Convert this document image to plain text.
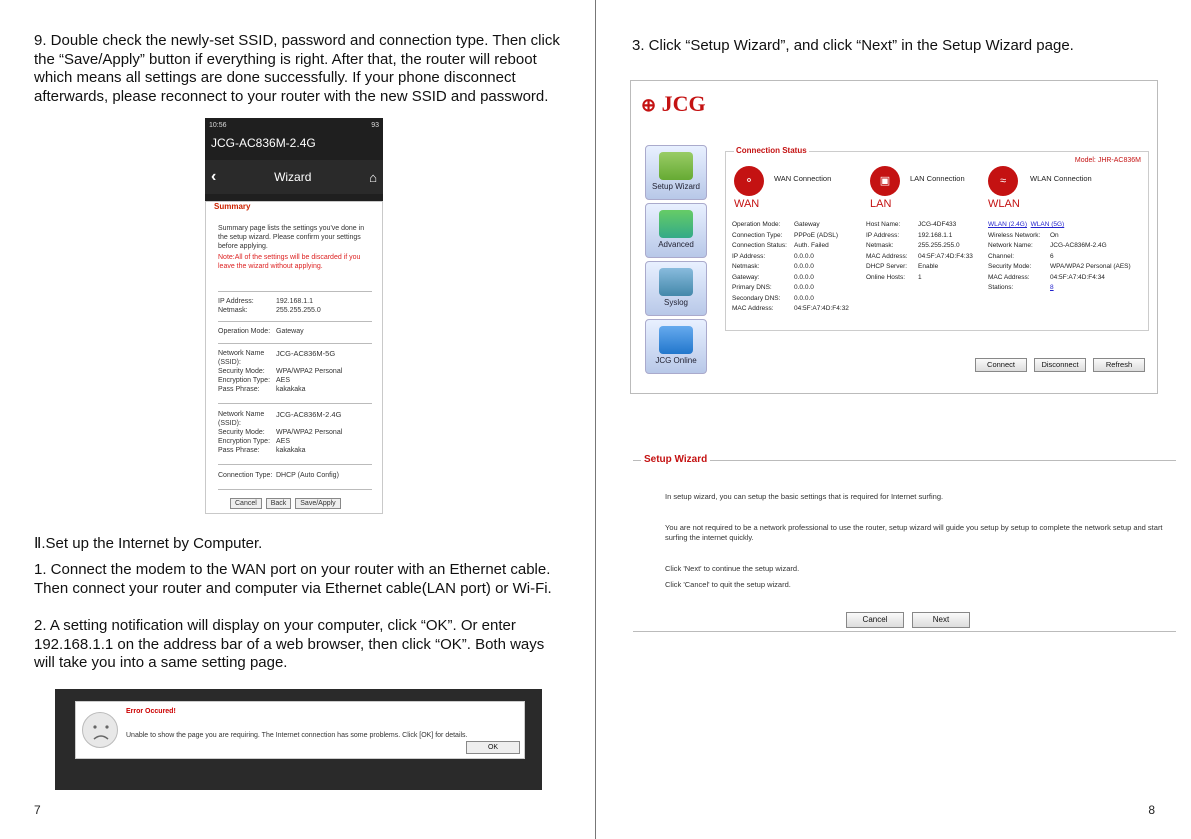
9. Double check the newly-set SSID, password and connection type. Then click the “Save/Apply” button if everything is right. After that, the router will reboot which means all settings are done successfully. If your phone disconnect afterwards, please reconnect to your router with the new SSID and password.

10:56	93
JCG-AC836M-2.4G
‹	Wizard	⌂
Summary
Summary page lists the settings you've done in the setup wizard. Please confirm your settings before applying.
Note:All of the settings will be discarded if you leave the wizard without applying.
IP Address:	192.168.1.1
Netmask:	255.255.255.0
Operation Mode: Gateway
Network Name (SSID):
JCG-AC836M-5G
Security Mode:	WPA/WPA2 Personal
Encryption Type: AES
Pass Phrase:	kakakaka
Network Name (SSID):
JCG-AC836M-2.4G
Security Mode:	WPA/WPA2 Personal
Encryption Type: AES
Pass Phrase:	kakakaka
Connection Type: DHCP (Auto Config)
Cancel Back Save/Apply

Ⅱ.Set up the Internet by Computer.

1. Connect the modem to the WAN port on your router with an Ethernet cable. Then connect your router and computer via Ethernet cable(LAN port) or Wi-Fi.

2. A setting notification will display on your computer, click “OK”. Or enter 192.168.1.1 on the address bar of a web browser, then click “OK”. Both ways will take you into a same setting page.

Error Occured!
Unable to show the page you are requiring. The Internet connection has some problems. Click [OK] for details.
OK
7

3. Click “Setup Wizard”, and click “Next” in the Setup Wizard page.

⊕ JCG
Model: JHR-AC836M
Setup Wizard
Advanced
Syslog
JCG Online
Connection Status
⚬	WAN Connection
WAN
▣	LAN Connection
LAN
≈	WLAN Connection
WLAN
Operation Mode: Gateway
Connection Type: PPPoE (ADSL)
Connection Status: Auth. Failed
IP Address:	0.0.0.0
Netmask:	0.0.0.0
Gateway:	0.0.0.0
Primary DNS:	0.0.0.0
Secondary DNS: 0.0.0.0
MAC Address:	04:5F:A7:4D:F4:32
Host Name:	JCG-4DF433
IP Address:	192.168.1.1
Netmask:	255.255.255.0
MAC Address: 04:5F:A7:4D:F4:33
DHCP Server: Enable
Online Hosts: 1
WLAN (2.4G) WLAN (5G)
Wireless Network: On
Network Name:	JCG-AC836M-2.4G
Channel:	6
Security Mode:	WPA/WPA2 Personal (AES)
MAC Address:	04:5F:A7:4D:F4:34
Stations:	8
Connect	Disconnect	Refresh
Setup Wizard

In setup wizard, you can setup the basic settings that is required for Internet surfing.

You are not required to be a network professional to use the router, setup wizard will guide you setup by setup to complete the network setup and start surfing the internet quickly.

Click 'Next' to continue the setup wizard.

Click 'Cancel' to quit the setup wizard.

Cancel	Next
8
